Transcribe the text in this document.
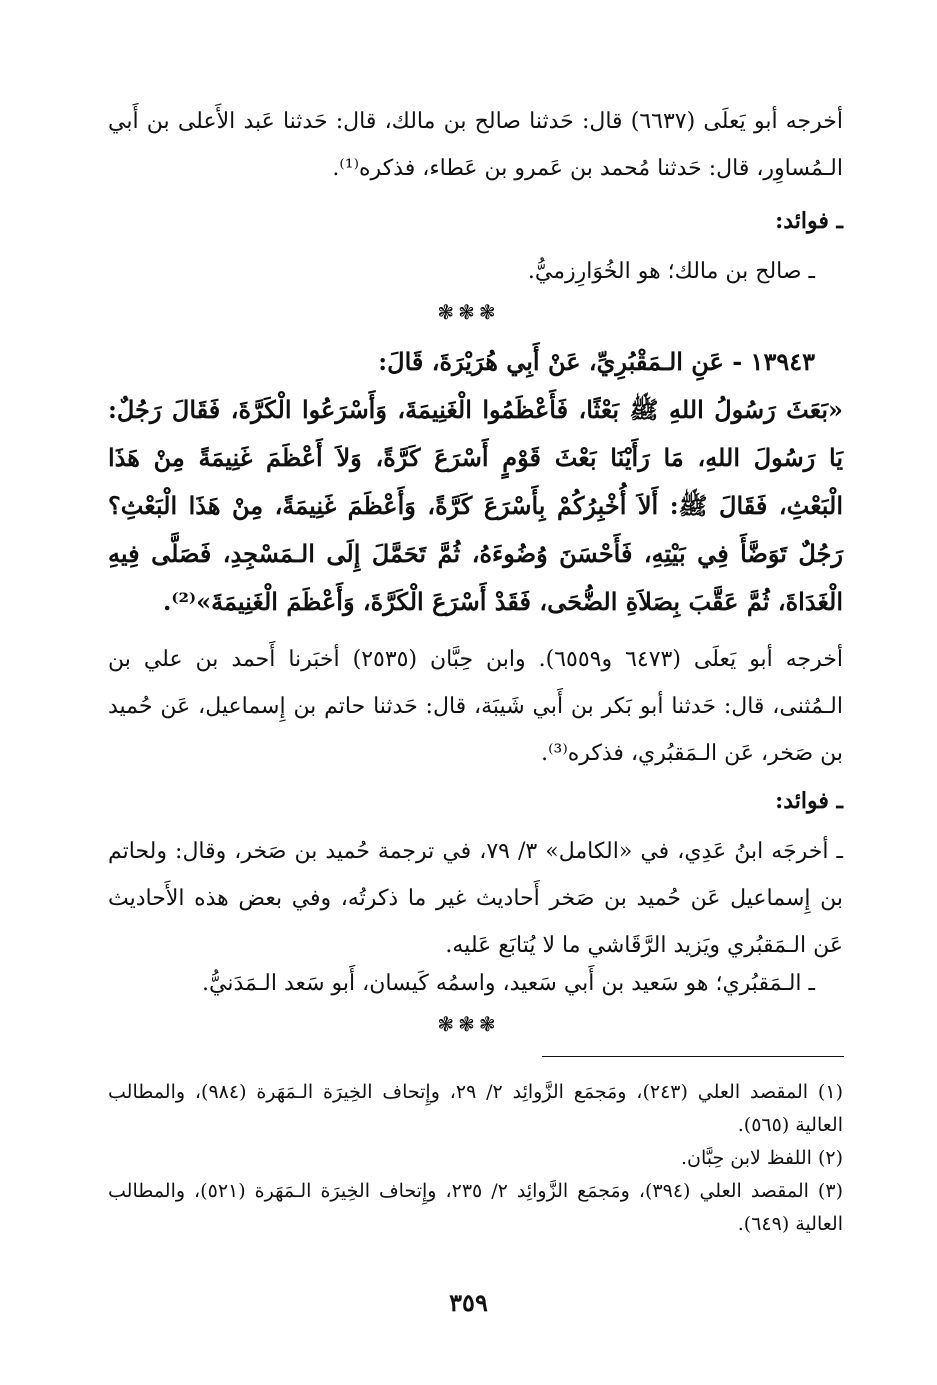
أخرجه أبو يَعلَى (٦٦٣٧) قال: حَدثنا صالح بن مالك، قال: حَدثنا عَبد الأَعلى بن أَبي الـمُساوِر، قال: حَدثنا مُحمد بن عَمرو بن عَطاء، فذكره⁽¹⁾.

ـ فوائد:

ـ صالح بن مالك؛ هو الخُوَارِزميُّ.

❃❃❃

١٣٩٤٣ - عَنِ الـمَقْبُرِيِّ، عَنْ أَبِي هُرَيْرَةَ، قَالَ:

«بَعَثَ رَسُولُ اللهِ ﷺ بَعْثًا، فَأَعْظَمُوا الْغَنِيمَةَ، وَأَسْرَعُوا الْكَرَّةَ، فَقَالَ رَجُلٌ: يَا رَسُولَ اللهِ، مَا رَأَيْنَا بَعْثَ قَوْمٍ أَسْرَعَ كَرَّةً، وَلاَ أَعْظَمَ غَنِيمَةً مِنْ هَذَا الْبَعْثِ، فَقَالَ ﷺ: أَلاَ أُخْبِرُكُمْ بِأَسْرَعَ كَرَّةً، وَأَعْظَمَ غَنِيمَةً، مِنْ هَذَا الْبَعْثِ؟ رَجُلٌ تَوَضَّأَ فِي بَيْتِهِ، فَأَحْسَنَ وُضُوءَهُ، ثُمَّ تَحَمَّلَ إِلَى الـمَسْجِدِ، فَصَلَّى فِيهِ الْغَدَاةَ، ثُمَّ عَقَّبَ بِصَلاَةِ الضُّحَى، فَقَدْ أَسْرَعَ الْكَرَّةَ، وَأَعْظَمَ الْغَنِيمَةَ»⁽²⁾.

أخرجه أبو يَعلَى (٦٤٧٣ و٦٥٥٩). وابن حِبَّان (٢٥٣٥) أخبَرنا أَحمد بن علي بن الـمُثنى، قال: حَدثنا أبو بَكر بن أَبي شَيبَة، قال: حَدثنا حاتم بن إِسماعيل، عَن حُميد بن صَخر، عَن الـمَقبُري، فذكره⁽³⁾.

ـ فوائد:

ـ أخرجَه ابنُ عَدِي، في «الكامل» ٣/ ٧٩، في ترجمة حُميد بن صَخر، وقال: ولحاتم بن إِسماعيل عَن حُميد بن صَخر أَحاديث غير ما ذكرتُه، وفي بعض هذه الأَحاديث عَن الـمَقبُري ويَزيد الرَّقَاشي ما لا يُتابَع عَليه.

ـ الـمَقبُري؛ هو سَعيد بن أَبي سَعيد، واسمُه كَيسان، أَبو سَعد الـمَدَنيُّ.

❃❃❃

(١) المقصد العلي (٢٤٣)، ومَجمَع الزَّوائِد ٢/ ٢٩، وإِتحاف الخِيرَة الـمَهَرة (٩٨٤)، والمطالب العالية (٥٦٥).

(٢) اللفظ لابن حِبَّان.

(٣) المقصد العلي (٣٩٤)، ومَجمَع الزَّوائِد ٢/ ٢٣٥، وإِتحاف الخِيرَة الـمَهَرة (٥٢١)، والمطالب العالية (٦٤٩).

٣٥٩
